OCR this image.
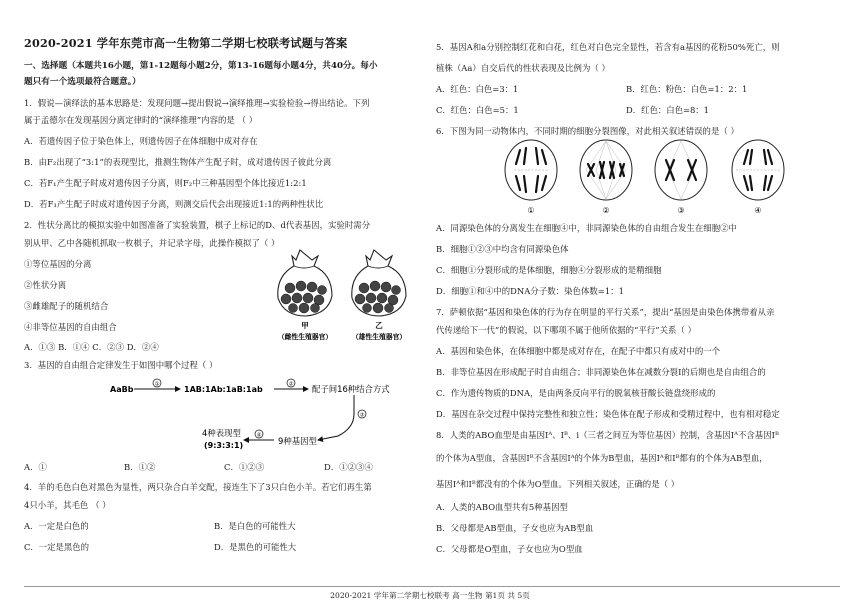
2020-2021 学年东莞市高一生物第二学期七校联考试题与答案
一、选择题（本题共16小题，第1-12题每小题2分，第13-16题每小题4分，共40分。每小
题只有一个选项最符合题意。）
1．假说—演绎法的基本思路是：发现问题→提出假说→演绎推理→实验检验→得出结论。下列
属于孟德尔在发现基因分离定律时的“演绎推理”内容的是 （ ）
A．若遗传因子位于染色体上，则遗传因子在体细胞中成对存在
B．由F₂出现了“3:1”的表现型比，推测生物体产生配子时，成对遗传因子彼此分离
C．若F₁产生配子时成对遗传因子分离，则F₂中三种基因型个体比接近1:2:1
D．若F₁产生配子时成对遗传因子分离，则测交后代会出现接近1:1的两种性状比
2．性状分离比的模拟实验中如图准备了实验装置，棋子上标记的D、d代表基因，实验时需分
别从甲、乙中各随机抓取一枚棋子，并记录字母，此操作模拟了（ ）
①等位基因的分离
②性状分离
③雌雄配子的随机结合
④非等位基因的自由组合
A．①③ B．①④ C．②③ D．②④
甲
（雌性生殖器官）
乙
（雄性生殖器官）
3．基因的自由组合定律发生于如图中哪个过程（ ）
AaBb
①
1AB:1Ab:1aB:1ab
② 配子间16种结合方式
③
9种基因型
④
4种表现型
(9:3:3:1)
A．①	B．①②	C．①②③	D．①②③④
4．羊的毛色白色对黑色为显性，两只杂合白羊交配，接连生下了3只白色小羊。若它们再生第
4只小羊，其毛色 （ ）
A．一定是白色的	B．是白色的可能性大
C．一定是黑色的	D．是黑色的可能性大
5．基因A和a分别控制红花和白花，红色对白色完全显性，若含有a基因的花粉50%死亡，则
植株（Aa）自交后代的性状表现及比例为（ ）
A．红色：白色=3：1	B．红色：粉色：白色=1：2：1
C．红色：白色=5：1	D．红色：白色=8：1
6．下图为同一动物体内，不同时期的细胞分裂图像，对此相关叙述错误的是（ ）
①	②	③	④
A．同源染色体的分离发生在细胞④中，非同源染色体的自由组合发生在细胞②中
B．细胞①②③中均含有同源染色体
C．细胞①分裂形成的是体细胞，细胞④分裂形成的是精细胞
D．细胞①和④中的DNA分子数：染色体数=1：1
7．萨顿依据“基因和染色体的行为存在明显的平行关系”，提出“基因是由染色体携带着从亲
代传递给下一代”的假说，以下哪项不属于他所依据的“平行”关系（ ）
A．基因和染色体，在体细胞中都是成对存在，在配子中都只有成对中的一个
B．非等位基因在形成配子时自由组合；非同源染色体在减数分裂Ⅰ的后期也是自由组合的
C．作为遗传物质的DNA，是由两条反向平行的脱氧核苷酸长链盘绕形成的
D．基因在杂交过程中保持完整性和独立性；染色体在配子形成和受精过程中，也有相对稳定
8．人类的ABO血型是由基因Iᴬ、Iᴮ、i（三者之间互为等位基因）控制，含基因Iᴬ不含基因Iᴮ
的个体为A型血，含基因Iᴮ不含基因Iᴬ的个体为B型血，基因Iᴬ和Iᴮ都有的个体为AB型血，
基因Iᴬ和Iᴮ都没有的个体为O型血。下列相关叙述，正确的是（ ）
A．人类的ABO血型共有5种基因型
B．父母都是AB型血，子女也应为AB型血
C．父母都是O型血，子女也应为O型血
2020-2021 学年第二学期七校联考 高一生物 第1页 共 5页
